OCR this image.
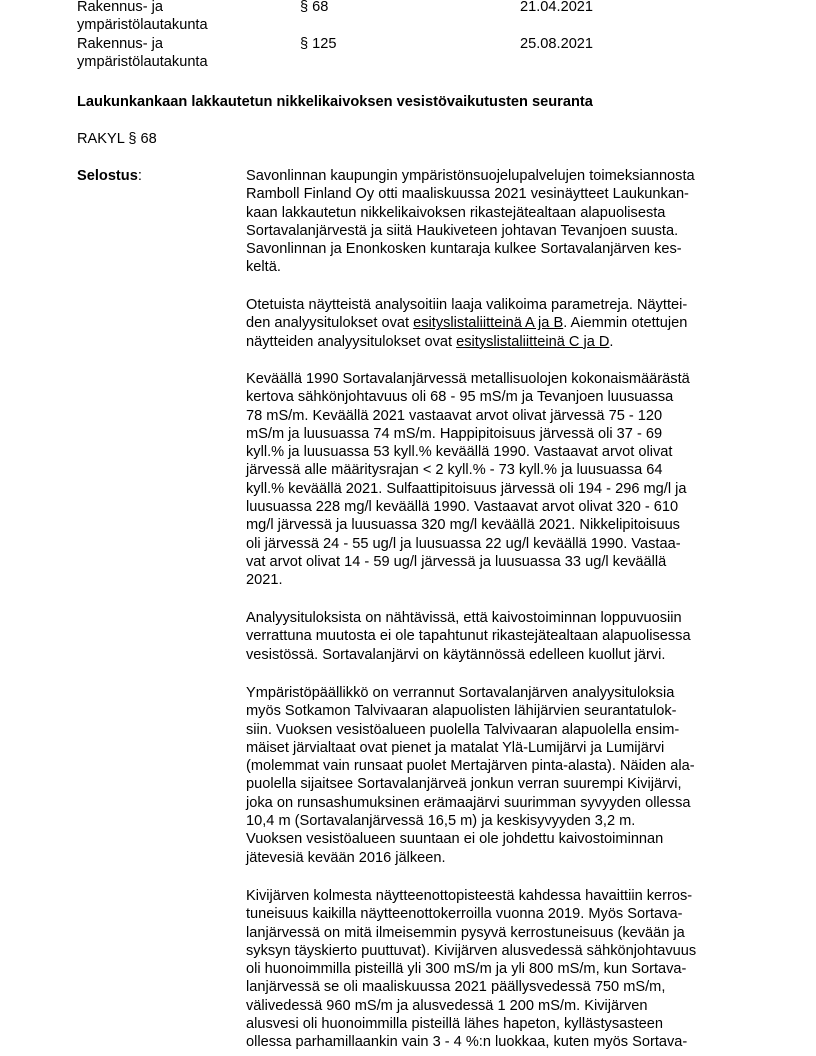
Rakennus- ja
ympäristölautakunta
§ 68	21.04.2021
Rakennus- ja
ympäristölautakunta
§ 125	25.08.2021
Laukunkankaan lakkautetun nikkelikaivoksen vesistövaikutusten seuranta
RAKYL § 68
Selostus:	Savonlinnan kaupungin ympäristönsuojelupalvelujen toimeksiannosta
Ramboll Finland Oy otti maaliskuussa 2021 vesinäytteet Laukunkan-
kaan lakkautetun nikkelikaivoksen rikastejätealtaan alapuolisesta
Sortavalanjärvestä ja siitä Haukiveteen johtavan Tevanjoen suusta.
Savonlinnan ja Enonkosken kuntaraja kulkee Sortavalanjärven kes-
keltä.
Otetuista näytteistä analysoitiin laaja valikoima parametreja. Näyttei-
den analyysitulokset ovat esityslistaliitteinä A ja B. Aiemmin otettujen
näytteiden analyysitulokset ovat esityslistaliitteinä C ja D.
Keväällä 1990 Sortavalanjärvessä metallisuolojen kokonaismäärästä
kertova sähkönjohtavuus oli 68 - 95 mS/m ja Tevanjoen luusuassa
78 mS/m. Keväällä 2021 vastaavat arvot olivat järvessä 75 - 120
mS/m ja luusuassa 74 mS/m. Happipitoisuus järvessä oli 37 - 69
kyll.% ja luusuassa 53 kyll.% keväällä 1990. Vastaavat arvot olivat
järvessä alle määritysrajan < 2 kyll.% - 73 kyll.% ja luusuassa 64
kyll.% keväällä 2021. Sulfaattipitoisuus järvessä oli 194 - 296 mg/l ja
luusuassa 228 mg/l keväällä 1990. Vastaavat arvot olivat 320 - 610
mg/l järvessä ja luusuassa 320 mg/l keväällä 2021. Nikkelipitoisuus
oli järvessä 24 - 55 ug/l ja luusuassa 22 ug/l keväällä 1990. Vastaa-
vat arvot olivat 14 - 59 ug/l järvessä ja luusuassa 33 ug/l keväällä
2021.
Analyysituloksista on nähtävissä, että kaivostoiminnan loppuvuosiin
verrattuna muutosta ei ole tapahtunut rikastejätealtaan alapuolisessa
vesistössä. Sortavalanjärvi on käytännössä edelleen kuollut järvi.
Ympäristöpäällikkö on verrannut Sortavalanjärven analyysituloksia
myös Sotkamon Talvivaaran alapuolisten lähijärvien seurantatulok-
siin. Vuoksen vesistöalueen puolella Talvivaaran alapuolella ensim-
mäiset järvialtaat ovat pienet ja matalat Ylä-Lumijärvi ja Lumijärvi
(molemmat vain runsaat puolet Mertajärven pinta-alasta). Näiden ala-
puolella sijaitsee Sortavalanjärveä jonkun verran suurempi Kivijärvi,
joka on runsashumuksinen erämaajärvi suurimman syvyyden ollessa
10,4 m (Sortavalanjärvessä 16,5 m) ja keskisyvyyden 3,2 m.
Vuoksen vesistöalueen suuntaan ei ole johdettu kaivostoiminnan
jätevesiä kevään 2016 jälkeen.
Kivijärven kolmesta näytteenottopisteestä kahdessa havaittiin kerros-
tuneisuus kaikilla näytteenottokerroilla vuonna 2019. Myös Sortava-
lanjärvessä on mitä ilmeisemmin pysyvä kerrostuneisuus (kevään ja
syksyn täyskierto puuttuvat). Kivijärven alusvedessä sähkönjohtavuus
oli huonoimmilla pisteillä yli 300 mS/m ja yli 800 mS/m, kun Sortava-
lanjärvessä se oli maaliskuussa 2021 päällysvedessä 750 mS/m,
välivedessä 960 mS/m ja alusvedessä 1 200 mS/m. Kivijärven
alusvesi oli huonoimmilla pisteillä lähes hapeton, kyllästysasteen
ollessa parhamillaankin vain 3 - 4 %:n luokkaa, kuten myös Sortava-
